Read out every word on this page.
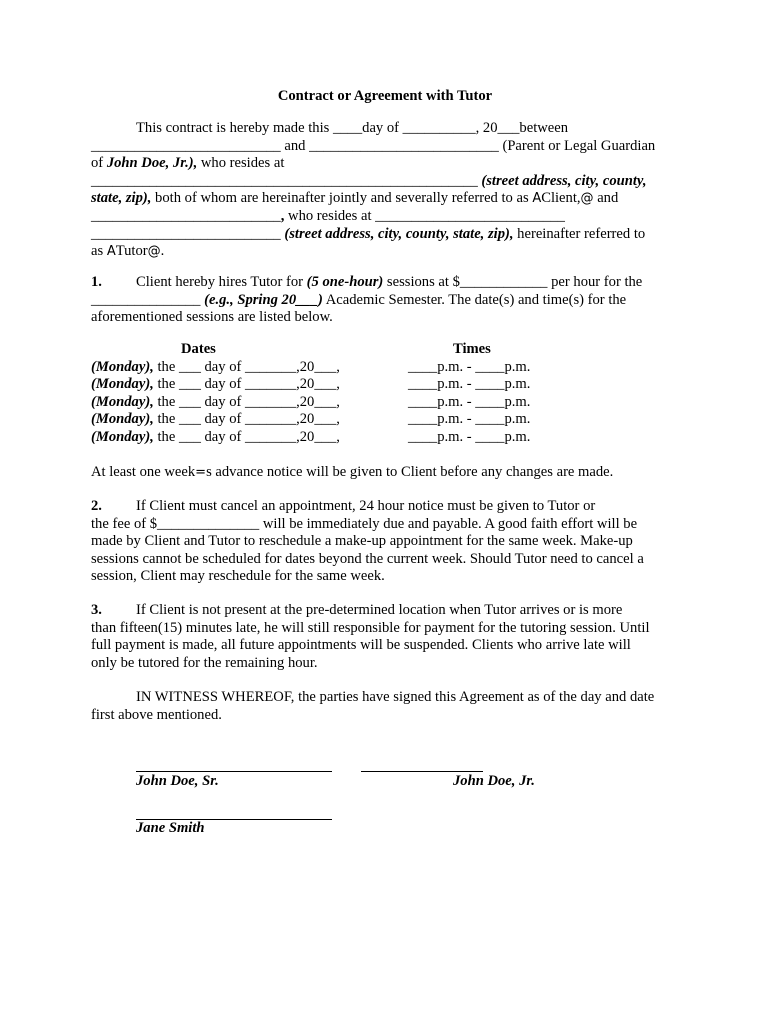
Contract or Agreement with Tutor
This contract is hereby made this ____day of __________, 20___between
__________________________ and __________________________ (Parent or Legal Guardian
of John Doe, Jr.), who resides at
_____________________________________________________ (street address, city, county,
state, zip), both of whom are hereinafter jointly and severally referred to as AClient,@ and
__________________________, who resides at __________________________
__________________________ (street address, city, county, state, zip), hereinafter referred to
as ATutor@.
1. Client hereby hires Tutor for (5 one-hour) sessions at $____________ per hour for the
_______________ (e.g., Spring 20___) Academic Semester. The date(s) and time(s) for the
aforementioned sessions are listed below.
Dates	Times
(Monday), the ___ day of _______,20___,	____p.m. - ____p.m.
(Monday), the ___ day of _______,20___,	____p.m. - ____p.m.
(Monday), the ___ day of _______,20___,	____p.m. - ____p.m.
(Monday), the ___ day of _______,20___,	____p.m. - ____p.m.
(Monday), the ___ day of _______,20___,	____p.m. - ____p.m.
At least one week=s advance notice will be given to Client before any changes are made.
2. If Client must cancel an appointment, 24 hour notice must be given to Tutor or
the fee of $______________ will be immediately due and payable. A good faith effort will be
made by Client and Tutor to reschedule a make-up appointment for the same week. Make-up
sessions cannot be scheduled for dates beyond the current week. Should Tutor need to cancel a
session, Client may reschedule for the same week.
3. If Client is not present at the pre-determined location when Tutor arrives or is more
than fifteen(15) minutes late, he will still responsible for payment for the tutoring session. Until
full payment is made, all future appointments will be suspended. Clients who arrive late will
only be tutored for the remaining hour.
IN WITNESS WHEREOF, the parties have signed this Agreement as of the day and date
first above mentioned.
John Doe, Sr.	John Doe, Jr.
Jane Smith
